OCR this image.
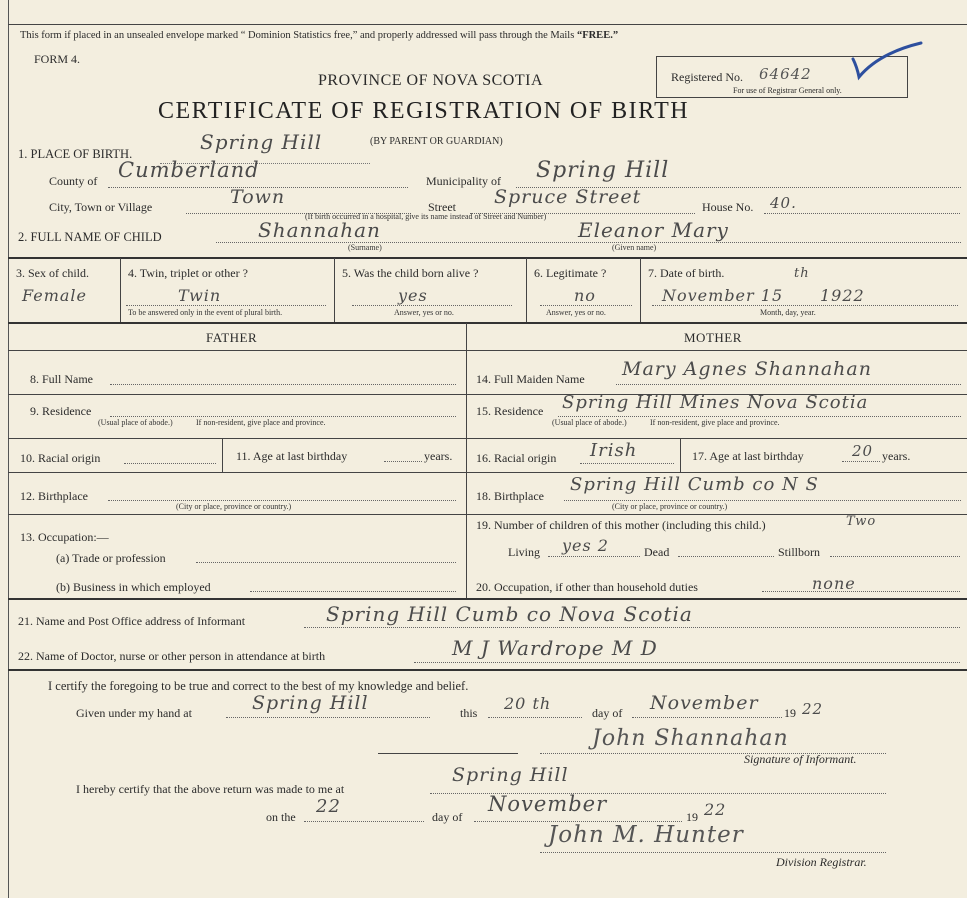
This form if placed in an unsealed envelope marked “ Dominion Statistics free,” and properly addressed will pass through the Mails “FREE.”
FORM 4.
PROVINCE OF NOVA SCOTIA
CERTIFICATE OF REGISTRATION OF BIRTH
(BY PARENT OR GUARDIAN)
Registered No. 64642
For use of Registrar General only.
1. PLACE OF BIRTH.	Spring Hill
County of Cumberland	Municipality of Spring Hill
City, Town or Village	Town	Street Spruce Street	House No. 40.
(If birth occurred in a hospital, give its name instead of Street and Number)
2. FULL NAME OF CHILD	Shannahan	Eleanor Mary
(Surname)	(Given name)
3. Sex of child.
Female
4. Twin, triplet or other ?
Twin
To be answered only in the event of plural birth.
5. Was the child born alive ?
yes
Answer, yes or no.
6. Legitimate ?
no
Answer, yes or no.
7. Date of birth.	th
November 15 1922
Month, day, year.
FATHER	MOTHER
8. Full Name
9. Residence
(Usual place of abode.)	If non-resident, give place and province.
10. Racial origin	11. Age at last birthday	years.
12. Birthplace
(City or place, province or country.)
13. Occupation:—
(a) Trade or profession
(b) Business in which employed
14. Full Maiden Name Mary Agnes Shannahan
15. Residence Spring Hill Mines Nova Scotia
(Usual place of abode.)	If non-resident, give place and province.
16. Racial origin Irish	17. Age at last birthday	20 years.
18. Birthplace
Spring Hill Cumb co N S
(City or place, province or country.)
19. Number of children of this mother (including this child.)	Two
Living yes 2	Dead	Stillborn
20. Occupation, if other than household duties	none
21. Name and Post Office address of Informant	Spring Hill Cumb co Nova Scotia
22. Name of Doctor, nurse or other person in attendance at birth	M J Wardrope M D
I certify the foregoing to be true and correct to the best of my knowledge and belief.
Given under my hand at	Spring Hill	this 20 th	day of November 19 22
John Shannahan
Signature of Informant.
I hereby certify that the above return was made to me at
Spring Hill
on the 22	day of
November
19 22
John M. Hunter
Division Registrar.
